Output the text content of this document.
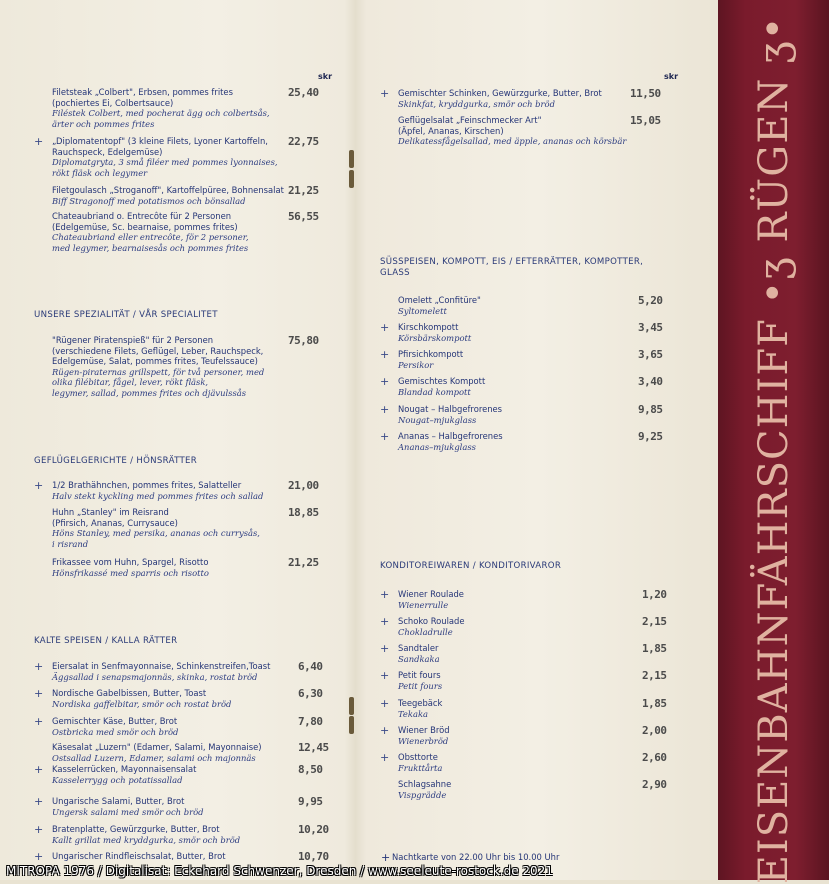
skr
Filetsteak „Colbert", Erbsen, pommes frites
(pochiertes Ei, Colbertsauce)
Filéstek Colbert, med pocherat ägg och colbertsås,
ärter och pommes frites
25,40
+ „Diplomatentopf" (3 kleine Filets, Lyoner Kartoffeln,
Rauchspeck, Edelgemüse)
Diplomatgryta, 3 små filéer med pommes lyonnaises,
rökt fläsk och legymer
22,75
Filetgoulasch „Stroganoff", Kartoffelpüree, Bohnensalat
Biff Stragonoff med potatismos och bönsallad
21,25
Chateaubriand o. Entrecôte für 2 Personen
(Edelgemüse, Sc. bearnaise, pommes frites)
Chateaubriand eller entrecôte, för 2 personer,
med legymer, bearnaisesås och pommes frites
56,55
UNSERE SPEZIALITÄT / VÅR SPECIALITET
"Rügener Piratenspieß" für 2 Personen
(verschiedene Filets, Geflügel, Leber, Rauchspeck,
Edelgemüse, Salat, pommes frites, Teufelssauce)
Rügen-piraternas grillspett, för två personer, med
olika filébitar, fågel, lever, rökt fläsk,
legymer, sallad, pommes frites och djävulssås
75,80
GEFLÜGELGERICHTE / HÖNSRÄTTER
+ 1/2 Brathähnchen, pommes frites, Salatteller
Halv stekt kyckling med pommes frites och sallad
21,00
Huhn „Stanley" im Reisrand
(Pfirsich, Ananas, Currysauce)
Höns Stanley, med persika, ananas och currysås,
i risrand
18,85
Frikassee vom Huhn, Spargel, Risotto
Hönsfrikassé med sparris och risotto
21,25
KALTE SPEISEN / KALLA RÄTTER
+ Eiersalat in Senfmayonnaise, Schinkenstreifen,Toast
Äggsallad i senapsmajonnäs, skinka, rostat bröd
6,40
+ Nordische Gabelbissen, Butter, Toast
Nordiska gaffelbitar, smör och rostat bröd
6,30
+ Gemischter Käse, Butter, Brot
Ostbricka med smör och bröd
7,80
Käsesalat „Luzern" (Edamer, Salami, Mayonnaise)
Ostsallad Luzern, Edamer, salami och majonnäs
12,45
+ Kasselerrücken, Mayonnaisensalat
Kasselerrygg och potatissallad
8,50
+ Ungarische Salami, Butter, Brot
Ungersk salami med smör och bröd
9,95
+ Bratenplatte, Gewürzgurke, Butter, Brot
Kallt grillat med kryddgurka, smör och bröd
10,20
+ Ungarischer Rindfleischsalat, Butter, Brot	10,70
skr
+ Gemischter Schinken, Gewürzgurke, Butter, Brot
Skinkfat, kryddgurka, smör och bröd
11,50
Geflügelsalat „Feinschmecker Art"
(Äpfel, Ananas, Kirschen)
Delikatessfågelsallad, med äpple, ananas och körsbär
15,05
SÜSSPEISEN, KOMPOTT, EIS / EFTERRÄTTER, KOMPOTTER,
GLASS
Omelett „Confitüre"
Syltomelett
5,20
+ Kirschkompott
Körsbärskompott
3,45
+ Pfirsichkompott
Persikor
3,65
+ Gemischtes Kompott
Blandad kompott
3,40
+ Nougat – Halbgefrorenes
Nougat–mjukglass
9,85
+ Ananas – Halbgefrorenes
Ananas–mjukglass
9,25
KONDITOREIWAREN / KONDITORIVAROR
+ Wiener Roulade
Wienerrulle
1,20
+ Schoko Roulade
Chokladrulle
2,15
+ Sandtaler
Sandkaka
1,85
+ Petit fours
Petit fours
2,15
+ Teegebäck
Tekaka
1,85
+ Wiener Bröd
Wienerbröd
2,00
+ Obsttorte
Frukttårta
2,60
Schlagsahne
Vispgrädde
2,90
+ Nachtkarte von 22.00 Uhr bis 10.00 Uhr	EISENBAHNFÄHRSCHIFF •ʒ RÜGEN ʒ•
MITROPA 1976 / Digitalisat: Eckehard Schwenzer, Dresden / www.seeleute-rostock.de 2021
